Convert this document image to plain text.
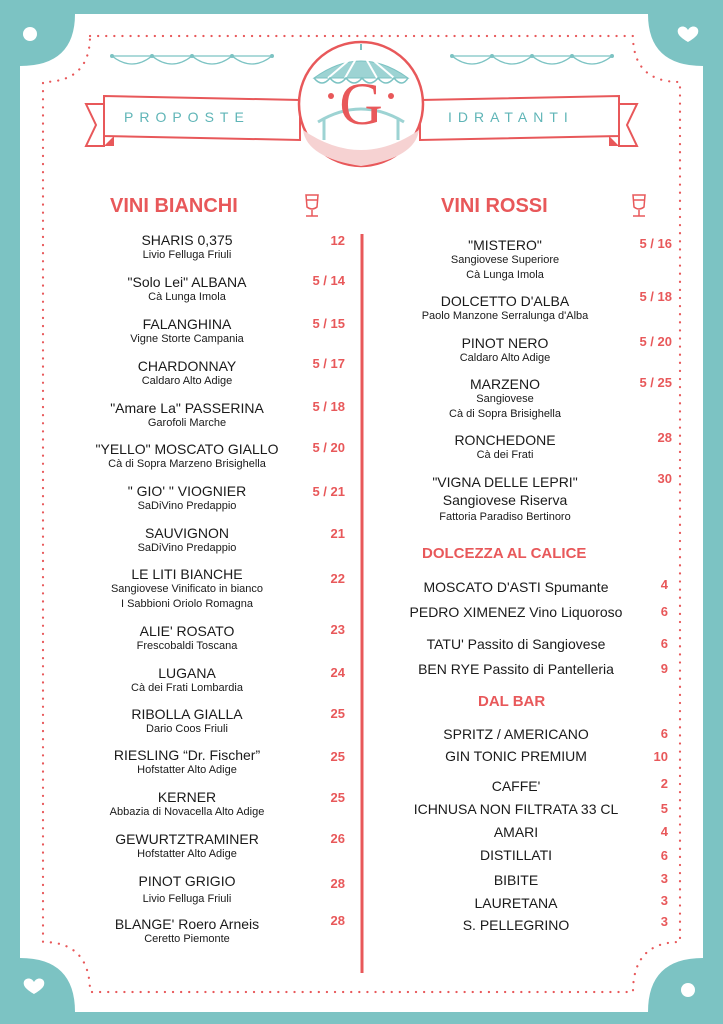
PROPOSTE	IDRATANTI
G
VINI BIANCHI	VINI ROSSI
DOLCEZZA AL CALICE
DAL BAR
SHARIS 0,375
Livio Felluga Friuli
12
"Solo Lei" ALBANA
Cà Lunga Imola
5 / 14
FALANGHINA
Vigne Storte Campania
5 / 15
CHARDONNAY
Caldaro Alto Adige
5 / 17
"Amare La" PASSERINA
Garofoli Marche
5 / 18
"YELLO" MOSCATO GIALLO
Cà di Sopra Marzeno Brisighella
5 / 20
" GIO' " VIOGNIER
SaDiVino Predappio
5 / 21
SAUVIGNON
SaDiVino Predappio
21
LE LITI BIANCHE
Sangiovese Vinificato in bianco
I Sabbioni Oriolo Romagna
22
ALIE' ROSATO
Frescobaldi Toscana
23
LUGANA
Cà dei Frati Lombardia
24
RIBOLLA GIALLA
Dario Coos Friuli
25
RIESLING “Dr. Fischer”
Hofstatter Alto Adige
25
KERNER
Abbazia di Novacella Alto Adige
25
GEWURTZTRAMINER
Hofstatter Alto Adige
26
PINOT GRIGIO
Livio Felluga Friuli
28
BLANGE' Roero Arneis
Ceretto Piemonte
28
"MISTERO"
Sangiovese Superiore
Cà Lunga Imola
5 / 16
DOLCETTO D'ALBA
Paolo Manzone Serralunga d'Alba
5 / 18
PINOT NERO
Caldaro Alto Adige
5 / 20
MARZENO
Sangiovese
Cà di Sopra Brisighella
5 / 25
RONCHEDONE
Cà dei Frati
28
"VIGNA DELLE LEPRI"
Sangiovese Riserva
Fattoria Paradiso Bertinoro
30
MOSCATO D'ASTI Spumante	4
PEDRO XIMENEZ Vino Liquoroso	6
TATU' Passito di Sangiovese	6
BEN RYE Passito di Pantelleria	9
SPRITZ / AMERICANO	6
GIN TONIC PREMIUM	10
CAFFE'	2
ICHNUSA NON FILTRATA 33 CL	5
AMARI	4
DISTILLATI	6
BIBITE	3
LAURETANA	3
S. PELLEGRINO	3
